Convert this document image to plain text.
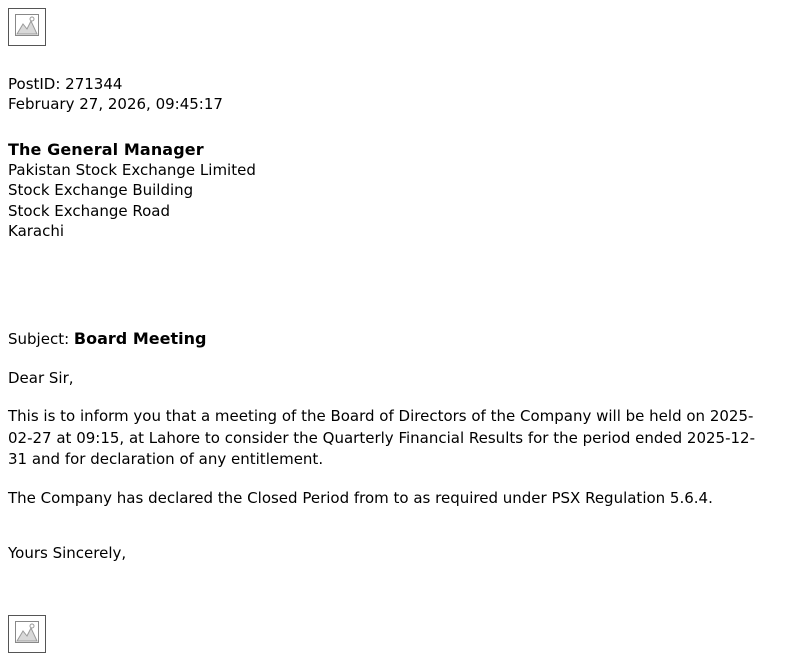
PostID: 271344
February 27, 2026, 09:45:17
The General Manager
Pakistan Stock Exchange Limited
Stock Exchange Building
Stock Exchange Road
Karachi
Subject: Board Meeting
Dear Sir,
This is to inform you that a meeting of the Board of Directors of the Company will be held on 2025-02-27 at 09:15, at Lahore to consider the Quarterly Financial Results for the period ended 2025-12-31 and for declaration of any entitlement.
The Company has declared the Closed Period from to as required under PSX Regulation 5.6.4.
Yours Sincerely,
